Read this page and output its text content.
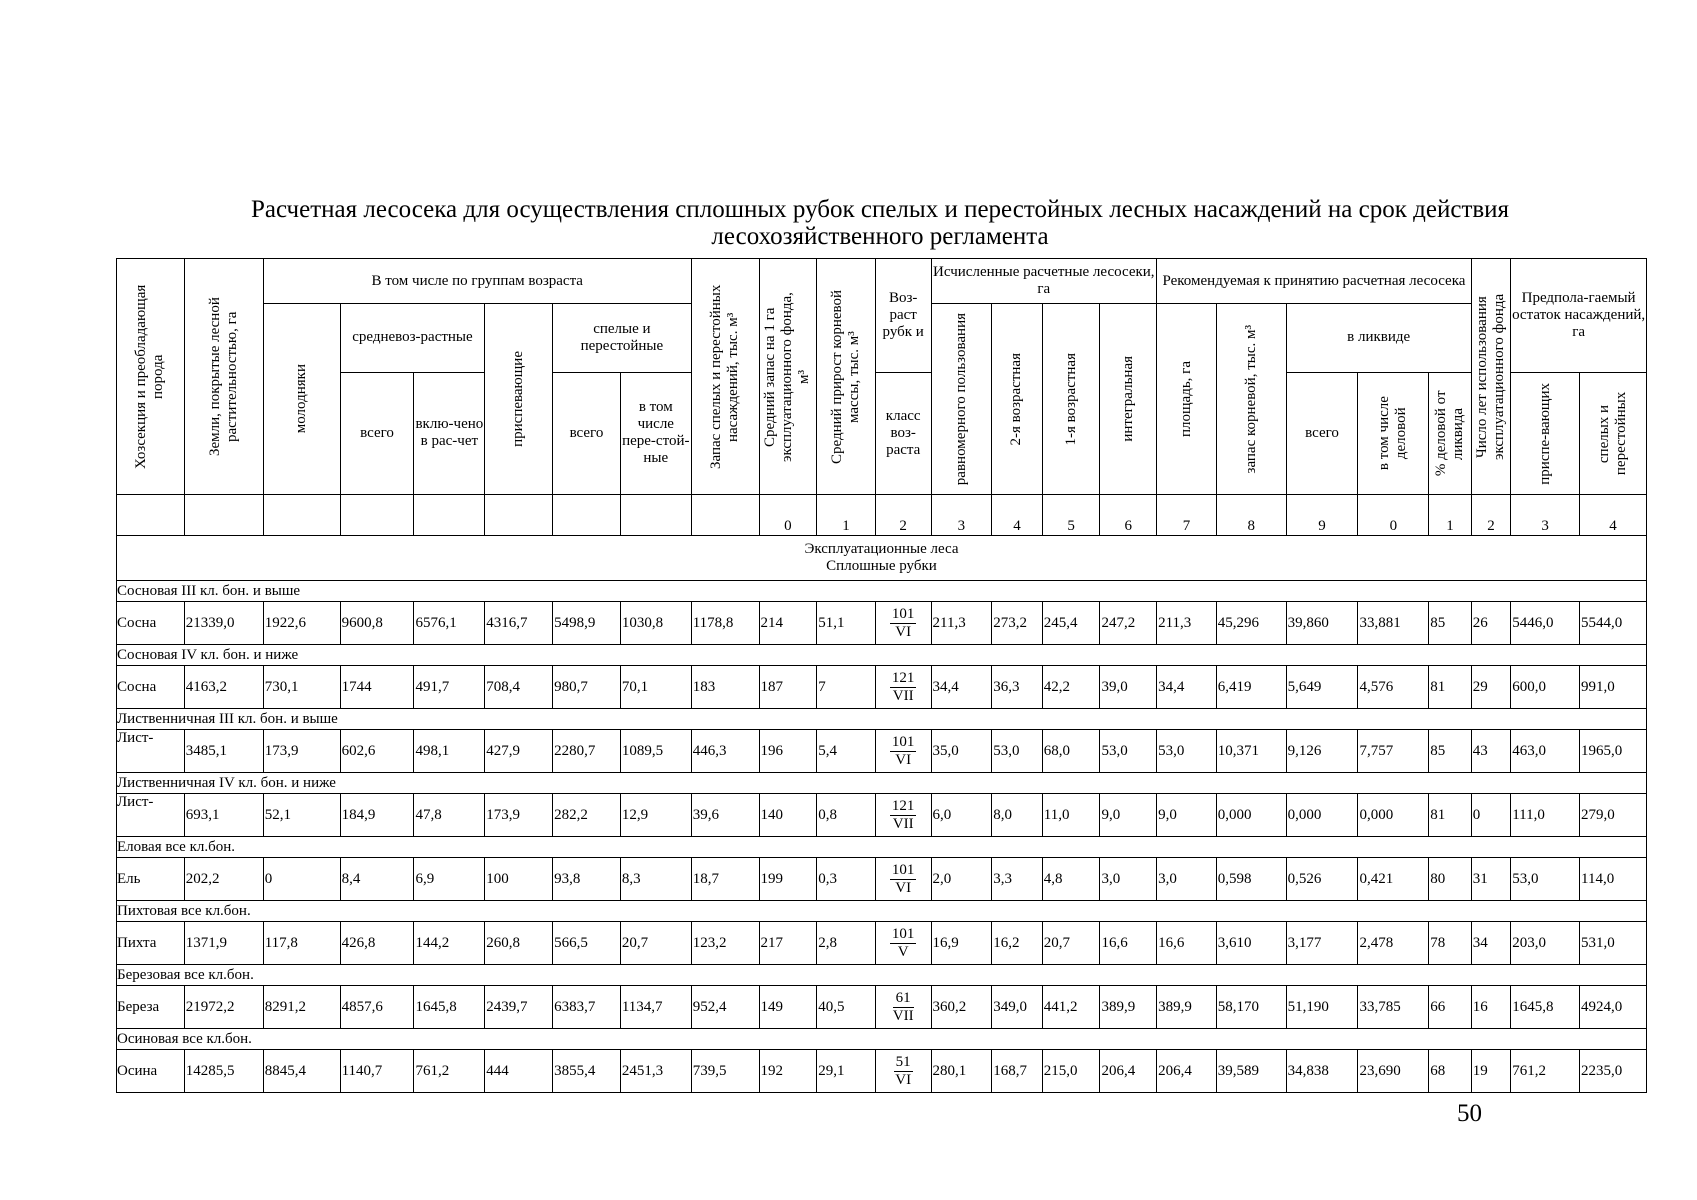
Расчетная лесосека для осуществления сплошных рубок спелых и перестойных лесных насаждений на срок действия лесохозяйственного регламента
Хозсекция и преобладающая порода	Земли, покрытые лесной растительностью, га	В том числе по группам возраста						Запас спелых и перестойных насаждений, тыс. м³	Средний запас на 1 га эксплуатационного фонда, м³	Средний прирост корневой массы, тыс. м³	Воз-раст рубк и	Исчисленные расчетные лесосеки, га				Рекомендуемая к принятию расчетная лесосека					Число лет использования эксплуатационного фонда	Предпола-гаемый остаток насаждений, га	

		молодняки	средневоз-растные		приспевающие	спелые и перестойные						равномерного пользования	2-я возрастная	1-я возрастная	интегральная	площадь, га	запас корневой, тыс. м³	в ликвиде					
			всего	вклю-чено в рас-чет		всего	в том числе пере-стой-ные				класс воз-раста							всего	в том числе деловой	% деловой от ликвида		приспе-вающих	спелых и перестойных

									0	1	2	3	4	5	6	7	8	9	0	1	2	3	4
Эксплуатационные леса
Сплошные рубки																							
Сосновая III кл. бон. и выше																							
Сосна	21339,0	1922,6	9600,8	6576,1	4316,7	5498,9	1030,8	1178,8	214	51,1	$\frac{101}{VI}$	211,3	273,2	245,4	247,2	211,3	45,296	39,860	33,881	85	26	5446,0	5544,0
Сосновая IV кл. бон. и ниже																							
Сосна	4163,2	730,1	1744	491,7	708,4	980,7	70,1	183	187	7	$\frac{121}{\text{VII}}$	34,4	36,3	42,2	39,0	34,4	6,419	5,649	4,576	81	29	600,0	991,0
Лиственничная III кл. бон. и выше																							
Лист-	3485,1	173,9	602,6	498,1	427,9	2280,7	1089,5	446,3	196	5,4	$\frac{101}{VI}$	35,0	53,0	68,0	53,0	53,0	10,371	9,126	7,757	85	43	463,0	1965,0
Лиственничная IV кл. бон. и ниже																							
Лист-	693,1	52,1	184,9	47,8	173,9	282,2	12,9	39,6	140	0,8	$\frac{121}{\text{VII}}$	6,0	8,0	11,0	9,0	9,0	0,000	0,000	0,000	81	0	111,0	279,0
Еловая все кл.бон.																							
Ель	202,2	0	8,4	6,9	100	93,8	8,3	18,7	199	0,3	$\frac{101}{VI}$	2,0	3,3	4,8	3,0	3,0	0,598	0,526	0,421	80	31	53,0	114,0
Пихтовая все кл.бон.																							
Пихта	1371,9	117,8	426,8	144,2	260,8	566,5	20,7	123,2	217	2,8	$\frac{101}{V}$	16,9	16,2	20,7	16,6	16,6	3,610	3,177	2,478	78	34	203,0	531,0
Березовая все кл.бон.																							
Береза	21972,2	8291,2	4857,6	1645,8	2439,7	6383,7	1134,7	952,4	149	40,5	$\frac{61}{\text{VII}}$	360,2	349,0	441,2	389,9	389,9	58,170	51,190	33,785	66	16	1645,8	4924,0
Осиновая все кл.бон.																							
Осина	14285,5	8845,4	1140,7	761,2	444	3855,4	2451,3	739,5	192	29,1	$\frac{51}{VI}$	280,1	168,7	215,0	206,4	206,4	39,589	34,838	23,690	68	19	761,2	2235,0
50
